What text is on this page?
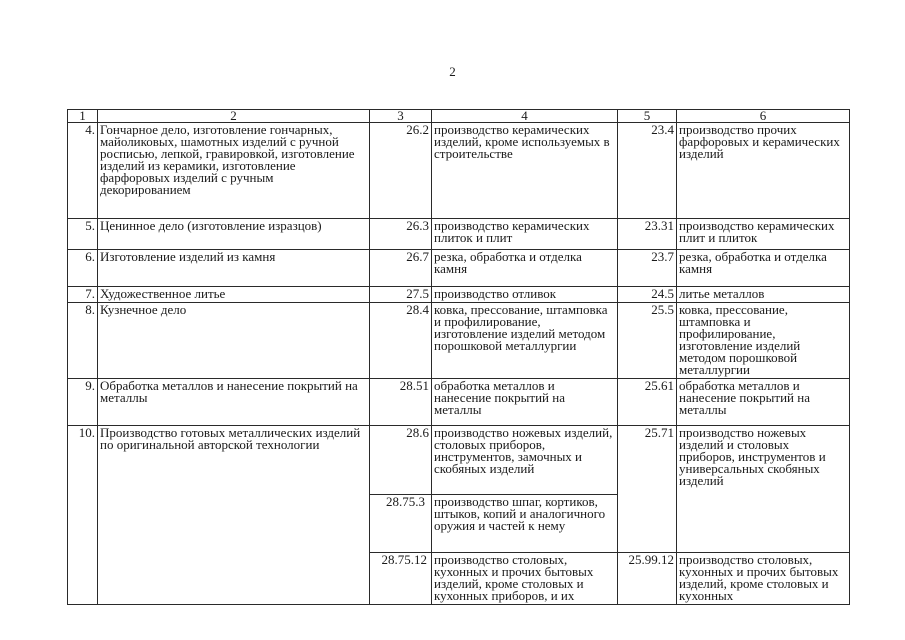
2
1	2	3	4	5	6
4.	Гончарное дело, изготовление гончарных, майоликовых, шамотных изделий с ручной росписью, лепкой, гравировкой, изготовление изделий из керамики, изготовление фарфоровых изделий с ручным декорированием	26.2	производство керамических изделий, кроме используемых в строительстве	23.4	производство прочих фарфоровых и керамических изделий
5.	Ценинное дело (изготовление изразцов)	26.3	производство керамических плиток и плит	23.31	производство керамических плит и плиток
6.	Изготовление изделий из камня	26.7	резка, обработка и отделка камня	23.7	резка, обработка и отделка камня
7.	Художественное литье	27.5	производство отливок	24.5	литье металлов
8.	Кузнечное дело	28.4	ковка, прессование, штамповка и профилирование, изготовление изделий методом порошковой металлургии	25.5	ковка, прессование, штамповка и профилирование, изготовление изделий методом порошковой металлургии
9.	Обработка металлов и нанесение покрытий на металлы	28.51	обработка металлов и нанесение покрытий на металлы	25.61	обработка металлов и нанесение покрытий на металлы
10.	Производство готовых металлических изделий по оригинальной авторской технологии	28.6	производство ножевых изделий, столовых приборов, инструментов, замочных и скобяных изделий	25.71	производство ножевых изделий и столовых приборов, инструментов и универсальных скобяных изделий
		28.75.3	производство шпаг, кортиков, штыков, копий и аналогичного оружия и частей к нему		
		28.75.12	производство столовых, кухонных и прочих бытовых изделий, кроме столовых и кухонных приборов, и их	25.99.12	производство столовых, кухонных и прочих бытовых изделий, кроме столовых и кухонных
